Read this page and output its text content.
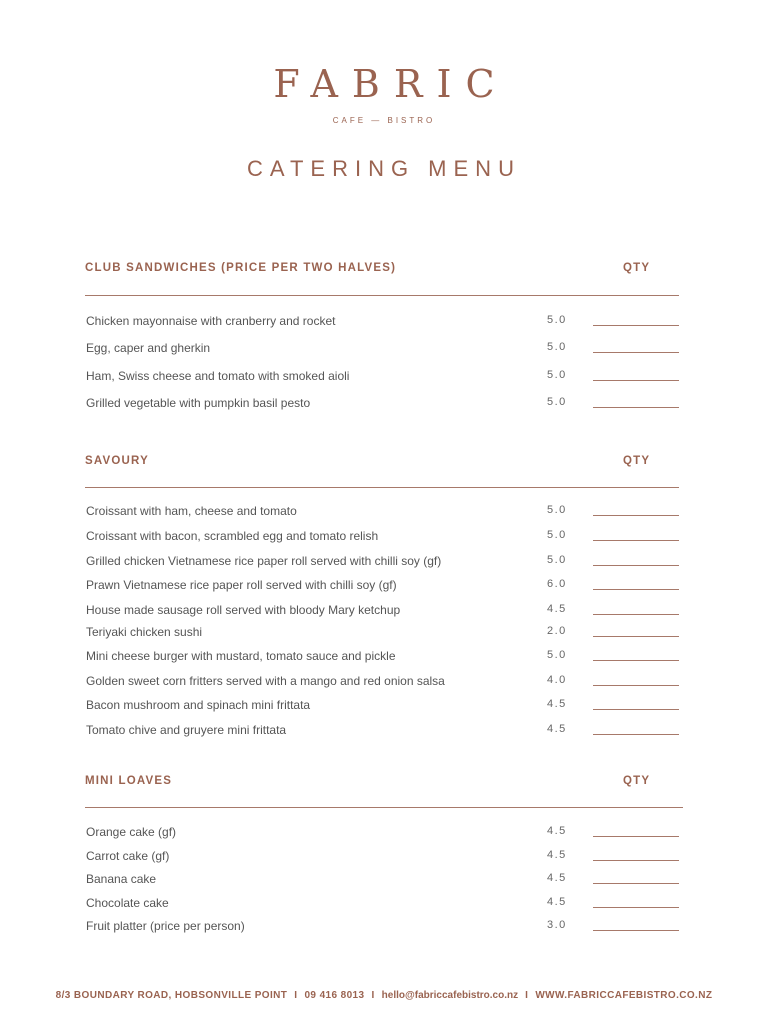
FABRIC
CAFE — BISTRO
CATERING MENU
CLUB SANDWICHES (PRICE PER TWO HALVES)	QTY
Chicken mayonnaise with cranberry and rocket	5.0
Egg, caper and gherkin	5.0
Ham, Swiss cheese and tomato with smoked aioli	5.0
Grilled vegetable with pumpkin basil pesto	5.0
SAVOURY	QTY
Croissant with ham, cheese and tomato	5.0
Croissant with bacon, scrambled egg and tomato relish	5.0
Grilled chicken Vietnamese rice paper roll served with chilli soy (gf)	5.0
Prawn Vietnamese rice paper roll served with chilli soy (gf)	6.0
House made sausage roll served with bloody Mary ketchup	4.5
Teriyaki chicken sushi	2.0
Mini cheese burger with mustard, tomato sauce and pickle	5.0
Golden sweet corn fritters served with a mango and red onion salsa	4.0
Bacon mushroom and spinach mini frittata	4.5
Tomato chive and gruyere mini frittata	4.5
MINI LOAVES	QTY
Orange cake (gf)	4.5
Carrot cake (gf)	4.5
Banana cake	4.5
Chocolate cake	4.5
Fruit platter (price per person)	3.0
8/3 BOUNDARY ROAD, HOBSONVILLE POINT I 09 416 8013 I hello@fabriccafebistro.co.nz I WWW.FABRICCAFEBISTRO.CO.NZ
